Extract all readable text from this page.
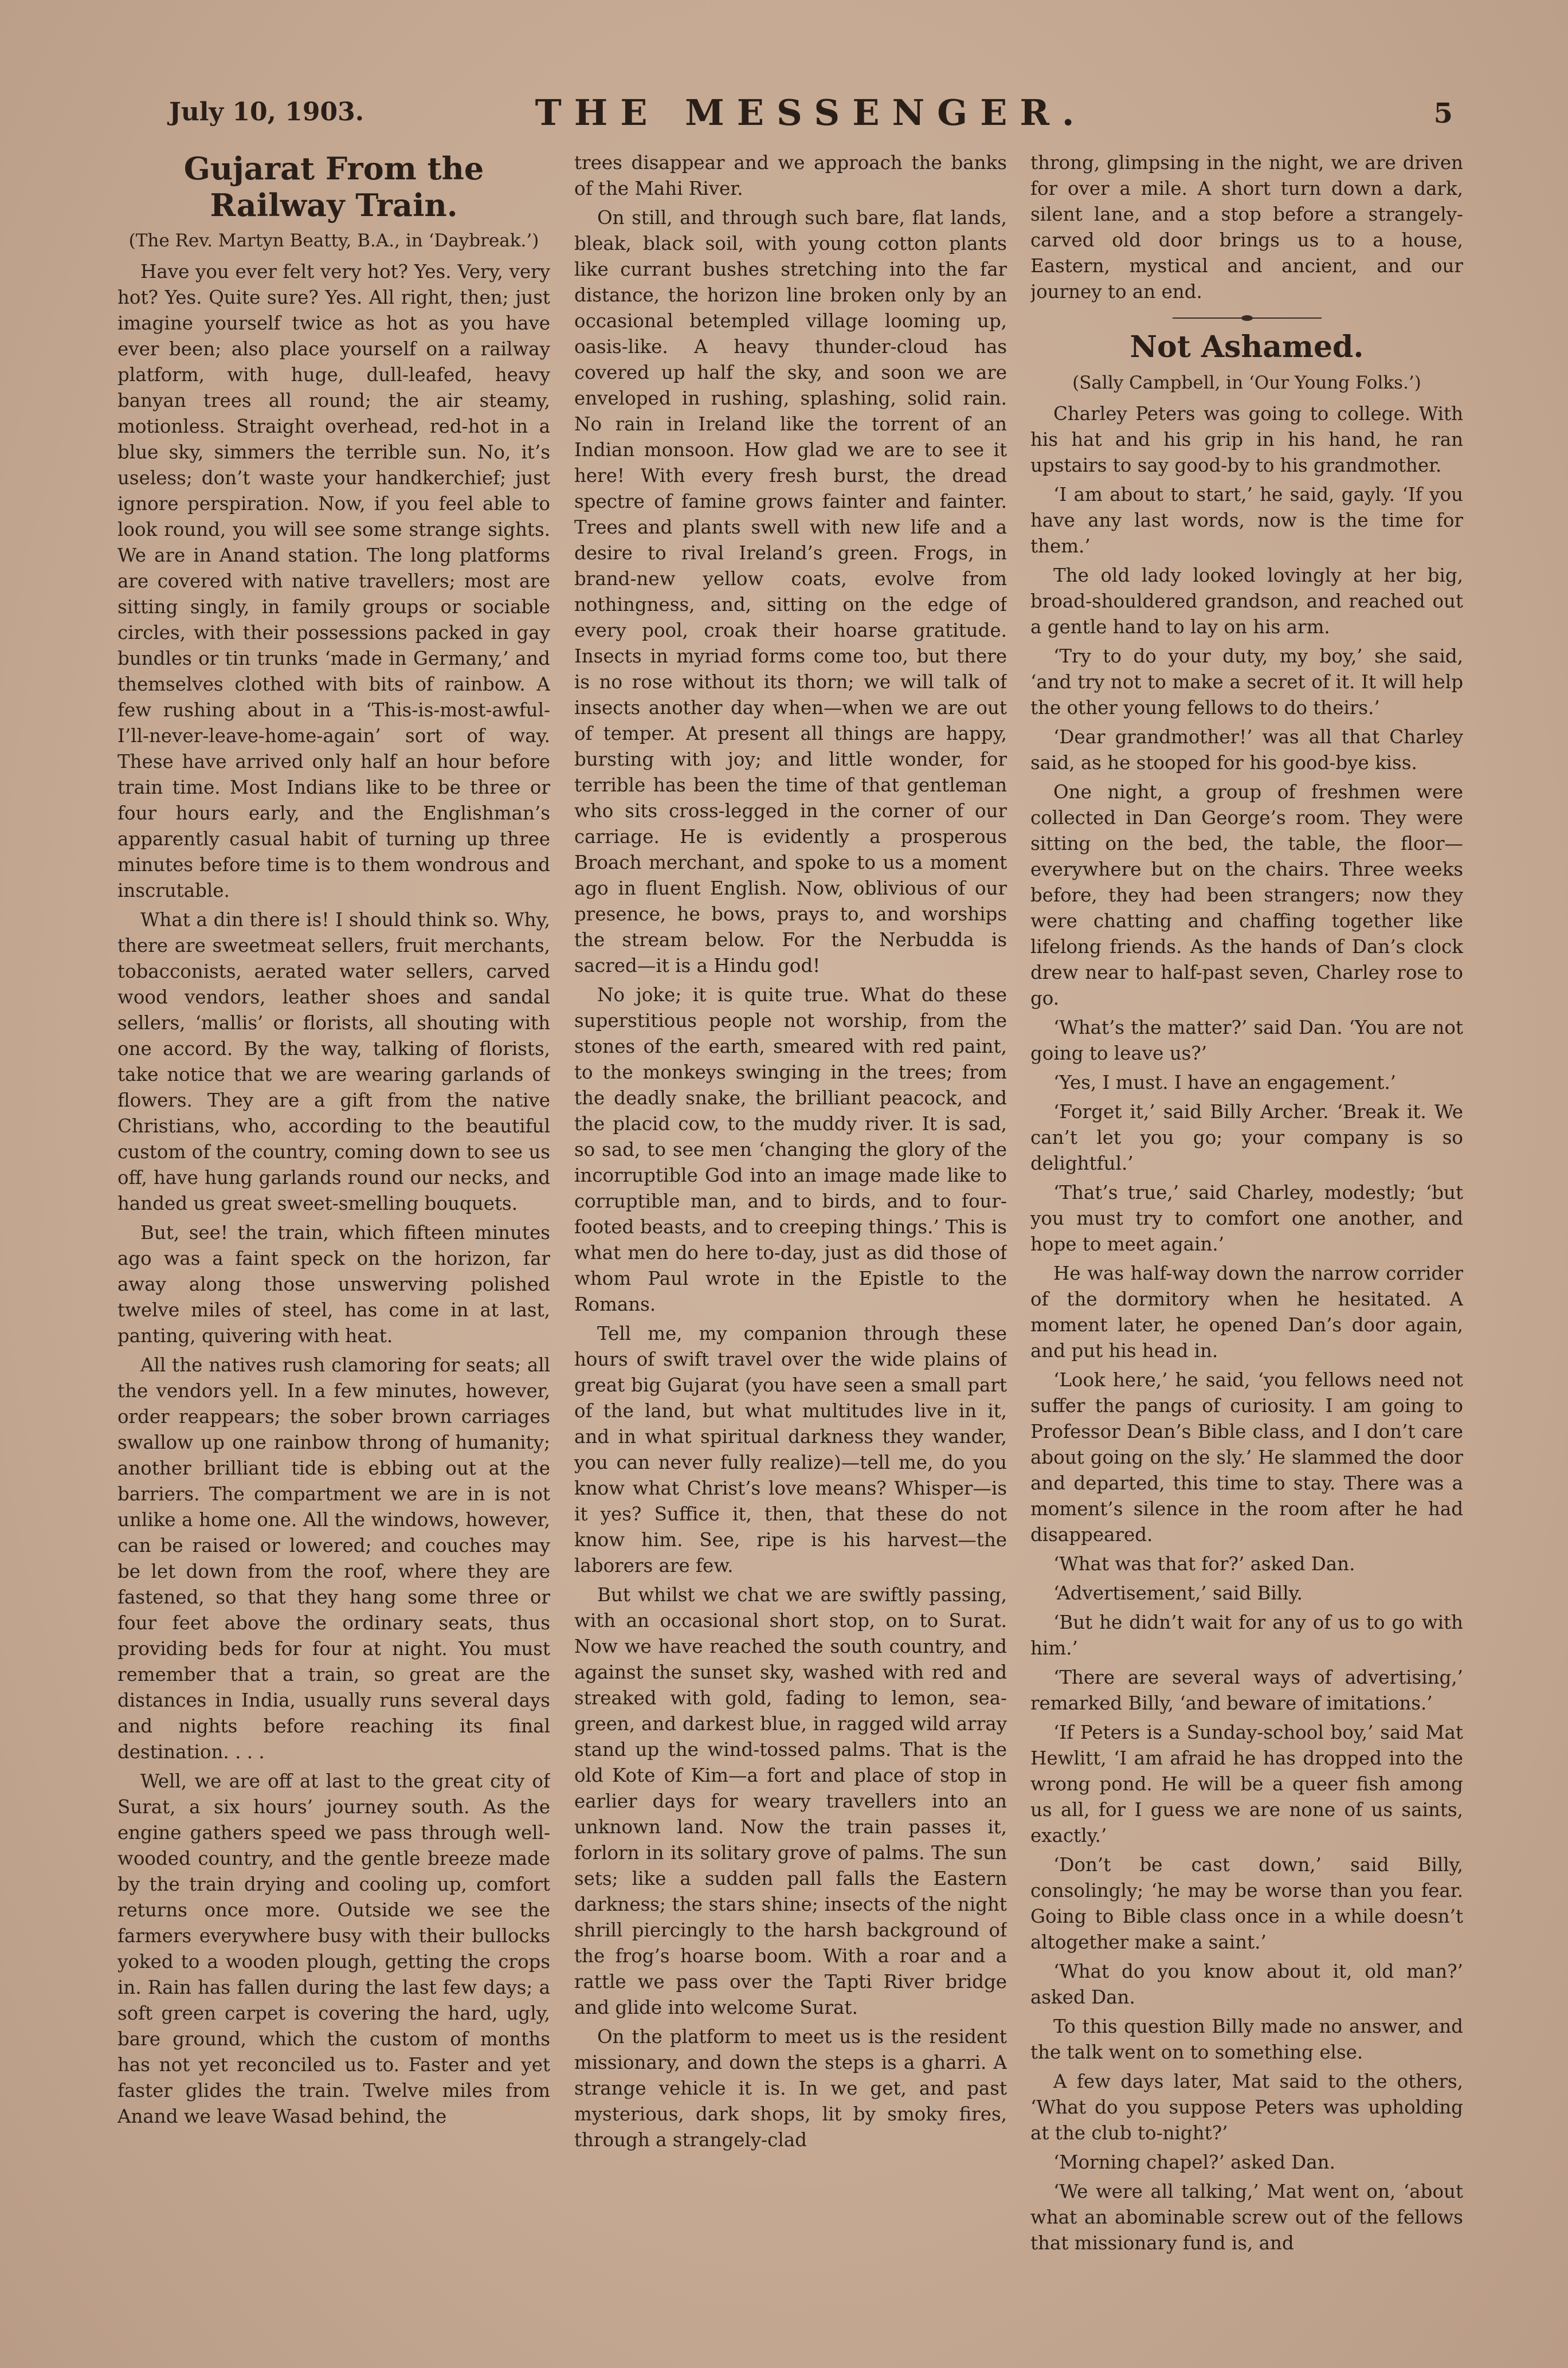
July 10, 1903.	THE MESSENGER.	5
Gujarat From the Railway Train.
(The Rev. Martyn Beatty, B.A., in ‘Daybreak.’)

Have you ever felt very hot? Yes. Very, very hot? Yes. Quite sure? Yes. All right, then; just imagine yourself twice as hot as you have ever been; also place yourself on a railway platform, with huge, dull-leafed, heavy banyan trees all round; the air steamy, motionless. Straight overhead, red-hot in a blue sky, simmers the terrible sun. No, it’s useless; don’t waste your handkerchief; just ignore perspiration. Now, if you feel able to look round, you will see some strange sights. We are in Anand station. The long platforms are covered with native travellers; most are sitting singly, in family groups or sociable circles, with their possessions packed in gay bundles or tin trunks ‘made in Germany,’ and themselves clothed with bits of rainbow. A few rushing about in a ‘This-is-most-awful-I’ll-never-leave-home-again’ sort of way. These have arrived only half an hour before train time. Most Indians like to be three or four hours early, and the Englishman’s apparently casual habit of turning up three minutes before time is to them wondrous and inscrutable.

What a din there is! I should think so. Why, there are sweetmeat sellers, fruit merchants, tobacconists, aerated water sellers, carved wood vendors, leather shoes and sandal sellers, ‘mallis’ or florists, all shouting with one accord. By the way, talking of florists, take notice that we are wearing garlands of flowers. They are a gift from the native Christians, who, according to the beautiful custom of the country, coming down to see us off, have hung garlands round our necks, and handed us great sweet-smelling bouquets.

But, see! the train, which fifteen minutes ago was a faint speck on the horizon, far away along those unswerving polished twelve miles of steel, has come in at last, panting, quivering with heat.

All the natives rush clamoring for seats; all the vendors yell. In a few minutes, however, order reappears; the sober brown carriages swallow up one rainbow throng of humanity; another brilliant tide is ebbing out at the barriers. The compartment we are in is not unlike a home one. All the windows, however, can be raised or lowered; and couches may be let down from the roof, where they are fastened, so that they hang some three or four feet above the ordinary seats, thus providing beds for four at night. You must remember that a train, so great are the distances in India, usually runs several days and nights before reaching its final destination. . . .

Well, we are off at last to the great city of Surat, a six hours’ journey south. As the engine gathers speed we pass through well-wooded country, and the gentle breeze made by the train drying and cooling up, comfort returns once more. Outside we see the farmers everywhere busy with their bullocks yoked to a wooden plough, getting the crops in. Rain has fallen during the last few days; a soft green carpet is covering the hard, ugly, bare ground, which the custom of months has not yet reconciled us to. Faster and yet faster glides the train. Twelve miles from Anand we leave Wasad behind, the

trees disappear and we approach the banks of the Mahi River.

On still, and through such bare, flat lands, bleak, black soil, with young cotton plants like currant bushes stretching into the far distance, the horizon line broken only by an occasional betempled village looming up, oasis-like. A heavy thunder-cloud has covered up half the sky, and soon we are enveloped in rushing, splashing, solid rain. No rain in Ireland like the torrent of an Indian monsoon. How glad we are to see it here! With every fresh burst, the dread spectre of famine grows fainter and fainter. Trees and plants swell with new life and a desire to rival Ireland’s green. Frogs, in brand-new yellow coats, evolve from nothingness, and, sitting on the edge of every pool, croak their hoarse gratitude. Insects in myriad forms come too, but there is no rose without its thorn; we will talk of insects another day when—when we are out of temper. At present all things are happy, bursting with joy; and little wonder, for terrible has been the time of that gentleman who sits cross-legged in the corner of our carriage. He is evidently a prosperous Broach merchant, and spoke to us a moment ago in fluent English. Now, oblivious of our presence, he bows, prays to, and worships the stream below. For the Nerbudda is sacred—it is a Hindu god!

No joke; it is quite true. What do these superstitious people not worship, from the stones of the earth, smeared with red paint, to the monkeys swinging in the trees; from the deadly snake, the brilliant peacock, and the placid cow, to the muddy river. It is sad, so sad, to see men ‘changing the glory of the incorruptible God into an image made like to corruptible man, and to birds, and to four-footed beasts, and to creeping things.’ This is what men do here to-day, just as did those of whom Paul wrote in the Epistle to the Romans.

Tell me, my companion through these hours of swift travel over the wide plains of great big Gujarat (you have seen a small part of the land, but what multitudes live in it, and in what spiritual darkness they wander, you can never fully realize)—tell me, do you know what Christ’s love means? Whisper—is it yes? Suffice it, then, that these do not know him. See, ripe is his harvest—the laborers are few.

But whilst we chat we are swiftly passing, with an occasional short stop, on to Surat. Now we have reached the south country, and against the sunset sky, washed with red and streaked with gold, fading to lemon, sea-green, and darkest blue, in ragged wild array stand up the wind-tossed palms. That is the old Kote of Kim—a fort and place of stop in earlier days for weary travellers into an unknown land. Now the train passes it, forlorn in its solitary grove of palms. The sun sets; like a sudden pall falls the Eastern darkness; the stars shine; insects of the night shrill piercingly to the harsh background of the frog’s hoarse boom. With a roar and a rattle we pass over the Tapti River bridge and glide into welcome Surat.

On the platform to meet us is the resident missionary, and down the steps is a gharri. A strange vehicle it is. In we get, and past mysterious, dark shops, lit by smoky fires, through a strangely-clad

throng, glimpsing in the night, we are driven for over a mile. A short turn down a dark, silent lane, and a stop before a strangely-carved old door brings us to a house, Eastern, mystical and ancient, and our journey to an end.

Not Ashamed.
(Sally Campbell, in ‘Our Young Folks.’)

Charley Peters was going to college. With his hat and his grip in his hand, he ran upstairs to say good-by to his grandmother.

‘I am about to start,’ he said, gayly. ‘If you have any last words, now is the time for them.’

The old lady looked lovingly at her big, broad-shouldered grandson, and reached out a gentle hand to lay on his arm.

‘Try to do your duty, my boy,’ she said, ‘and try not to make a secret of it. It will help the other young fellows to do theirs.’

‘Dear grandmother!’ was all that Charley said, as he stooped for his good-bye kiss.

One night, a group of freshmen were collected in Dan George’s room. They were sitting on the bed, the table, the floor—everywhere but on the chairs. Three weeks before, they had been strangers; now they were chatting and chaffing together like lifelong friends. As the hands of Dan’s clock drew near to half-past seven, Charley rose to go.

‘What’s the matter?’ said Dan. ‘You are not going to leave us?’

‘Yes, I must. I have an engagement.’

‘Forget it,’ said Billy Archer. ‘Break it. We can’t let you go; your company is so delightful.’

‘That’s true,’ said Charley, modestly; ‘but you must try to comfort one another, and hope to meet again.’

He was half-way down the narrow corrider of the dormitory when he hesitated. A moment later, he opened Dan’s door again, and put his head in.

‘Look here,’ he said, ‘you fellows need not suffer the pangs of curiosity. I am going to Professor Dean’s Bible class, and I don’t care about going on the sly.’ He slammed the door and departed, this time to stay. There was a moment’s silence in the room after he had disappeared.

‘What was that for?’ asked Dan.

‘Advertisement,’ said Billy.

‘But he didn’t wait for any of us to go with him.’

‘There are several ways of advertising,’ remarked Billy, ‘and beware of imitations.’

‘If Peters is a Sunday-school boy,’ said Mat Hewlitt, ‘I am afraid he has dropped into the wrong pond. He will be a queer fish among us all, for I guess we are none of us saints, exactly.’

‘Don’t be cast down,’ said Billy, consolingly; ‘he may be worse than you fear. Going to Bible class once in a while doesn’t altogether make a saint.’

‘What do you know about it, old man?’ asked Dan.

To this question Billy made no answer, and the talk went on to something else.

A few days later, Mat said to the others, ‘What do you suppose Peters was upholding at the club to-night?’

‘Morning chapel?’ asked Dan.

‘We were all talking,’ Mat went on, ‘about what an abominable screw out of the fellows that missionary fund is, and
